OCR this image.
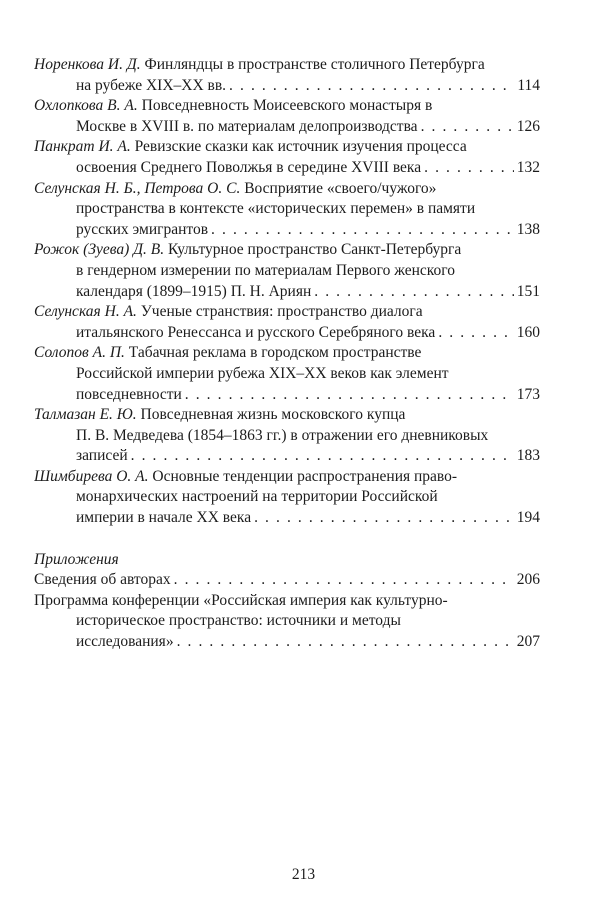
Норенкова И. Д. Финляндцы в пространстве столичного Петербурга
на рубеже XIX–XX вв. . . .	114
Охлопкова В. А. Повседневность Моисеевского монастыря в
Москве в XVIII в. по материалам делопроизводства . . .	126
Панкрат И. А. Ревизские сказки как источник изучения процесса
освоения Среднего Поволжья в середине XVIII века . . .	132
Селунская Н. Б., Петрова О. С. Восприятие «своего/чужого»
пространства в контексте «исторических перемен» в памяти
русских эмигрантов . . .	138
Рожок (Зуева) Д. В. Культурное пространство Санкт-Петербурга
в гендерном измерении по материалам Первого женского
календаря (1899–1915) П. Н. Ариян . . .	151
Селунская Н. А. Ученые странствия: пространство диалога
итальянского Ренессанса и русского Серебряного века . . .	160
Солопов А. П. Табачная реклама в городском пространстве
Российской империи рубежа XIX–XX веков как элемент
повседневности . . .	173
Талмазан Е. Ю. Повседневная жизнь московского купца
П. В. Медведева (1854–1863 гг.) в отражении его дневниковых
записей . . .	183
Шимбирева О. А. Основные тенденции распространения право-
монархических настроений на территории Российской
империи в начале XX века . . .	194
Приложения
Сведения об авторах . . .	206
Программа конференции «Российская империя как культурно-
историческое пространство: источники и методы
исследования» . . .	207
213
